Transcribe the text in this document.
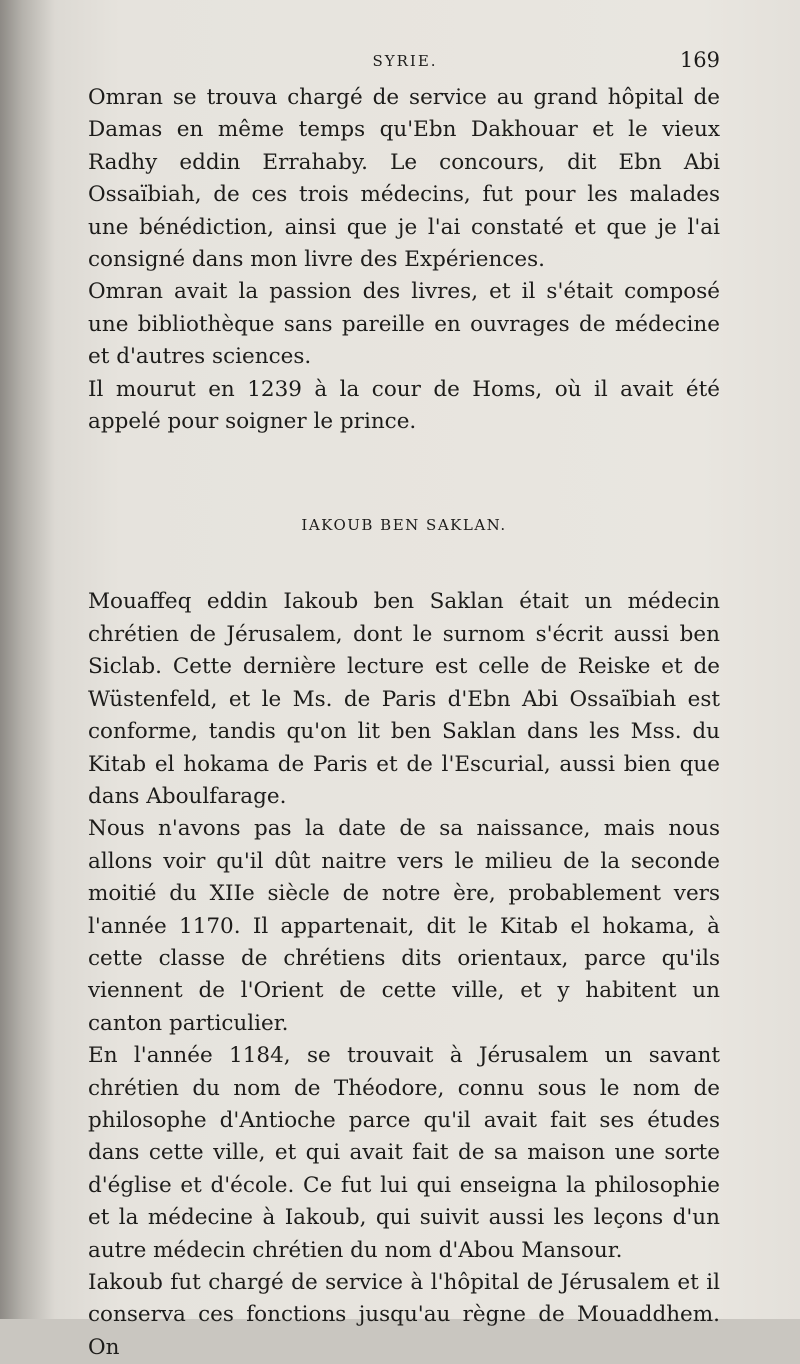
SYRIE.	169

Omran se trouva chargé de service au grand hôpital de Damas en même temps qu'Ebn Dakhouar et le vieux Radhy eddin Errahaby. Le concours, dit Ebn Abi Ossaïbiah, de ces trois médecins, fut pour les malades une bénédiction, ainsi que je l'ai constaté et que je l'ai consigné dans mon livre des Expériences.

Omran avait la passion des livres, et il s'était composé une bibliothèque sans pareille en ouvrages de médecine et d'autres sciences.

Il mourut en 1239 à la cour de Homs, où il avait été appelé pour soigner le prince.

IAKOUB BEN SAKLAN.

Mouaffeq eddin Iakoub ben Saklan était un médecin chrétien de Jérusalem, dont le surnom s'écrit aussi ben Siclab. Cette dernière lecture est celle de Reiske et de Wüstenfeld, et le Ms. de Paris d'Ebn Abi Ossaïbiah est conforme, tandis qu'on lit ben Saklan dans les Mss. du Kitab el hokama de Paris et de l'Escurial, aussi bien que dans Aboulfarage.

Nous n'avons pas la date de sa naissance, mais nous allons voir qu'il dût naitre vers le milieu de la seconde moitié du XIIe siècle de notre ère, probablement vers l'année 1170. Il appartenait, dit le Kitab el hokama, à cette classe de chrétiens dits orientaux, parce qu'ils viennent de l'Orient de cette ville, et y habitent un canton particulier.

En l'année 1184, se trouvait à Jérusalem un savant chrétien du nom de Théodore, connu sous le nom de philosophe d'Antioche parce qu'il avait fait ses études dans cette ville, et qui avait fait de sa maison une sorte d'église et d'école. Ce fut lui qui enseigna la philosophie et la médecine à Iakoub, qui suivit aussi les leçons d'un autre médecin chrétien du nom d'Abou Mansour.

Iakoub fut chargé de service à l'hôpital de Jérusalem et il conserva ces fonctions jusqu'au règne de Mouaddhem. On
